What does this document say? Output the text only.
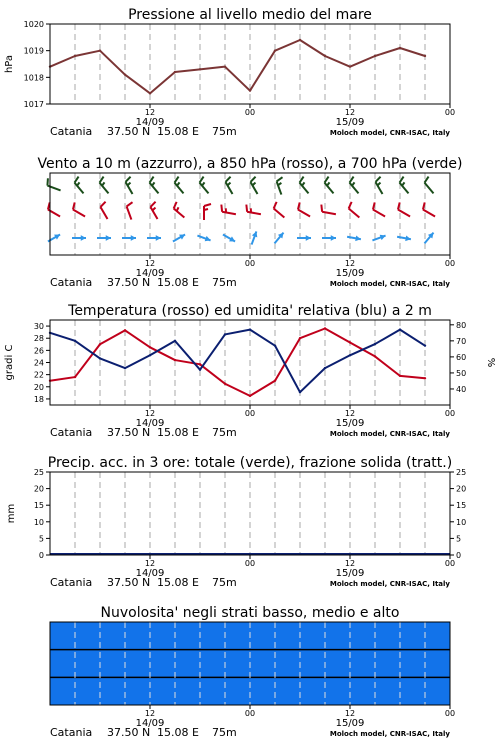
Pressione al livello medio del mare
1017
1018
1019
1020
hPa
12	00	12	00
14/09	15/09
Catania 37.50 N 15.08 E 75m	Moloch model, CNR-ISAC, Italy
Vento a 10 m (azzurro), a 850 hPa (rosso), a 700 hPa (verde)
12	00	12	00
14/09	15/09
Catania 37.50 N 15.08 E 75m	Moloch model, CNR-ISAC, Italy
Temperatura (rosso) ed umidita' relativa (blu) a 2 m
18
20
22
24
26
28
30
gradi C
40
50
60
70
80
%
12	00	12	00
14/09	15/09
Catania 37.50 N 15.08 E 75m	Moloch model, CNR-ISAC, Italy
Precip. acc. in 3 ore: totale (verde), frazione solida (tratt.)
0
5
10
15
20
25
mm
0
5
10
15
20
25
12	00	12	00
14/09	15/09
Catania 37.50 N 15.08 E 75m	Moloch model, CNR-ISAC, Italy
Nuvolosita' negli strati basso, medio e alto
12	00	12	00
14/09	15/09
Catania 37.50 N 15.08 E 75m	Moloch model, CNR-ISAC, Italy
